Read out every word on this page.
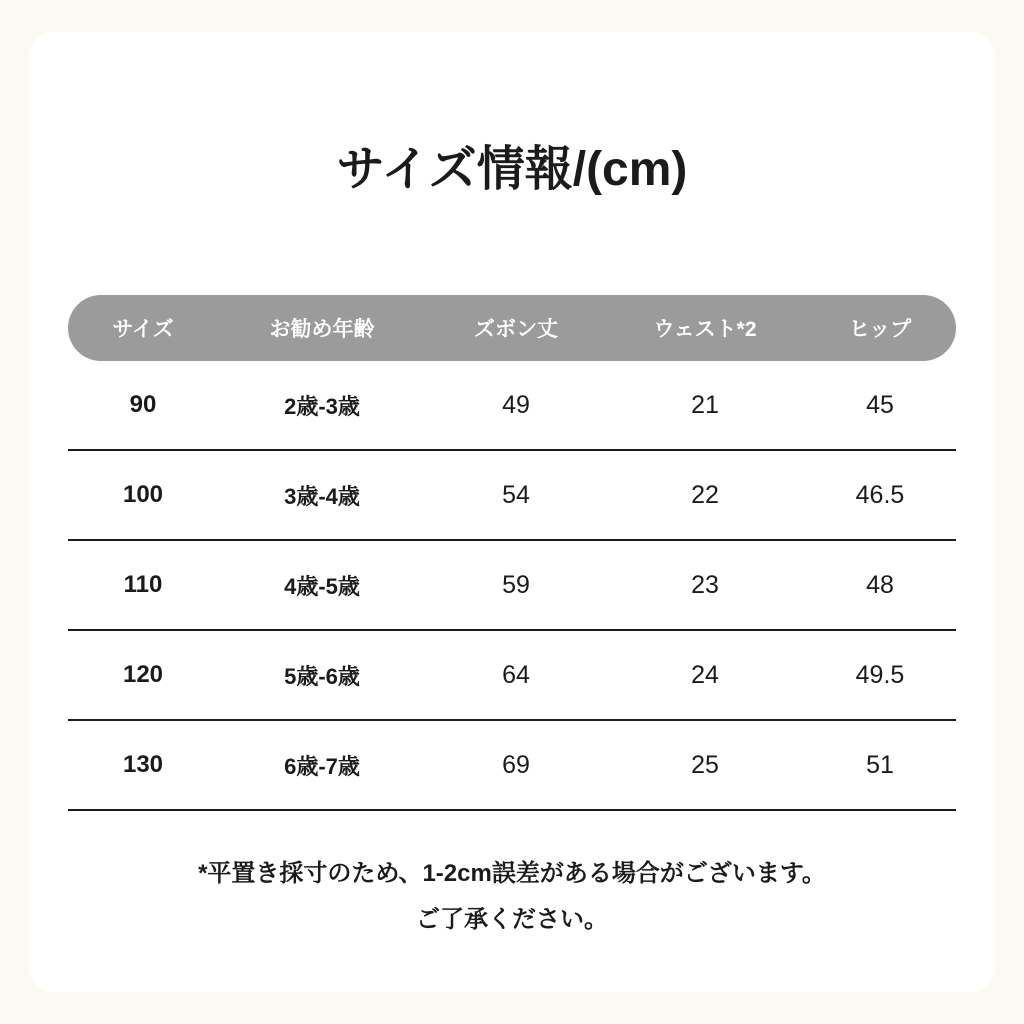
サイズ情報/(cm)
サイズ	お勧め年齢	ズボン丈	ウェスト*2	ヒップ
90	2歳-3歳	49	21	45
100	3歳-4歳	54	22	46.5
110	4歳-5歳	59	23	48
120	5歳-6歳	64	24	49.5
130	6歳-7歳	69	25	51
*平置き採寸のため、1-2cm誤差がある場合がございます。
ご了承ください。
